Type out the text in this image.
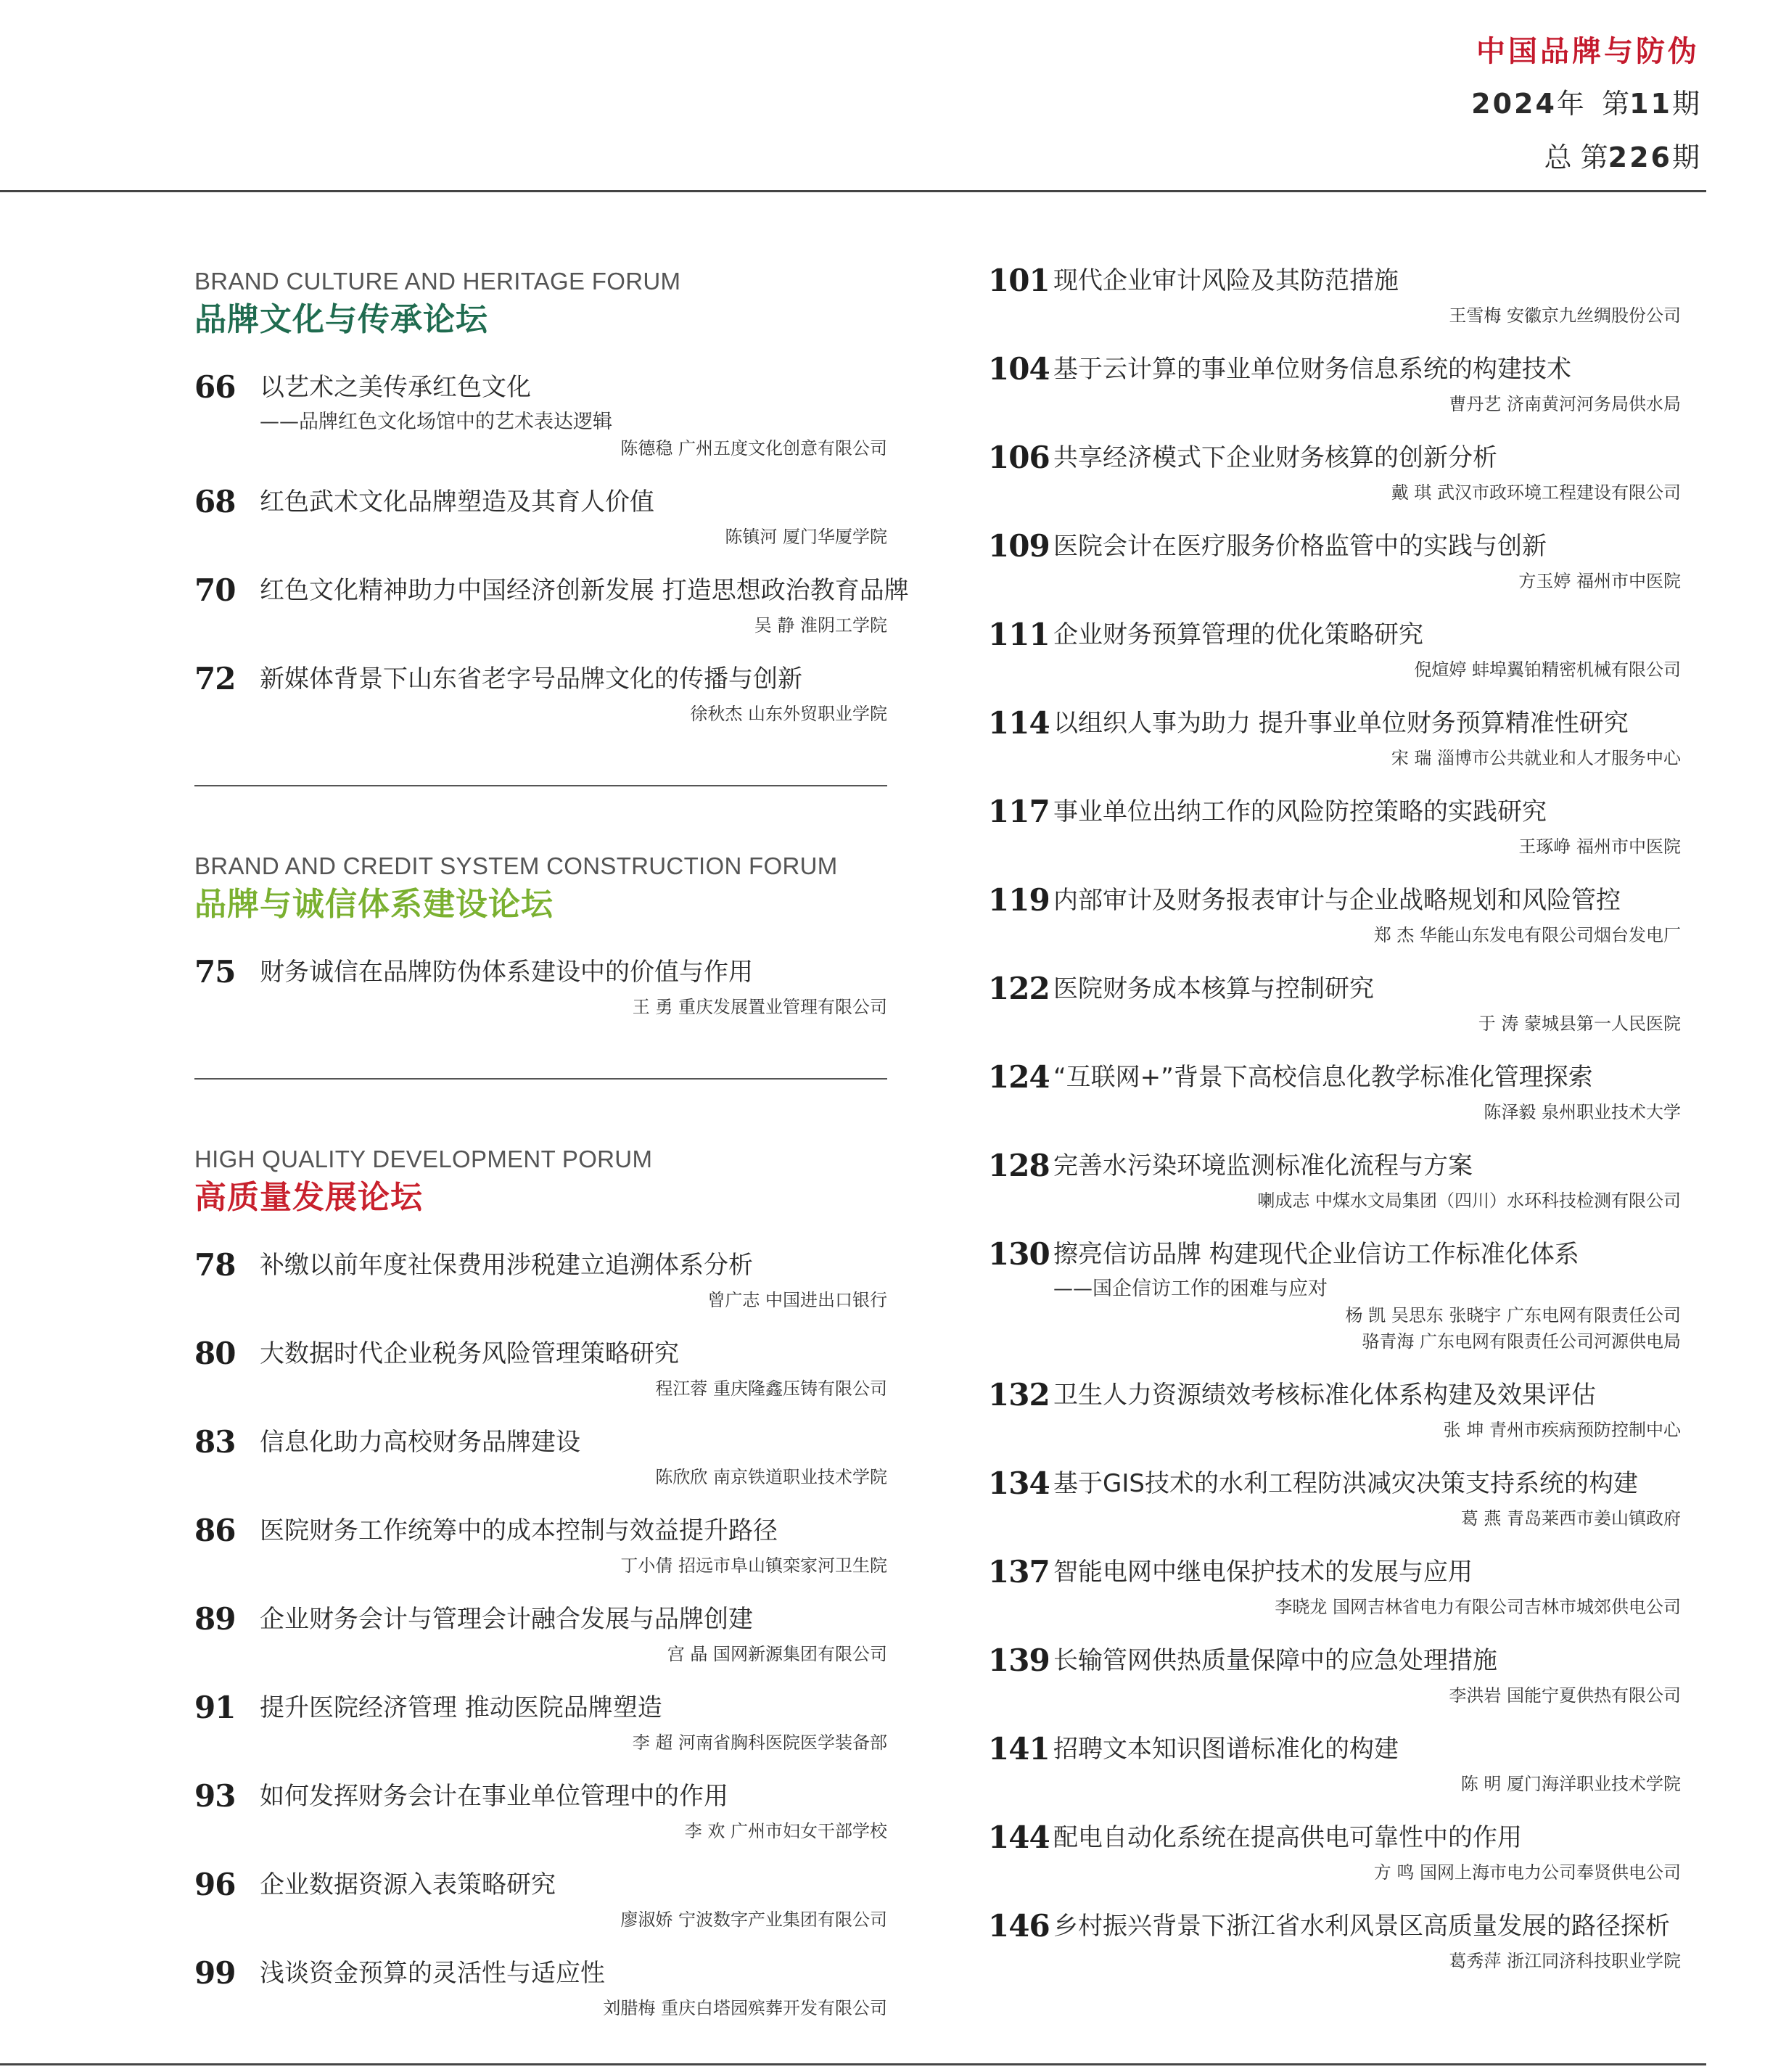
中国品牌与防伪
2024年 第11期
总 第226期
BRAND CULTURE AND HERITAGE FORUM
品牌文化与传承论坛
66 以艺术之美传承红色文化
——品牌红色文化场馆中的艺术表达逻辑
陈德稳 广州五度文化创意有限公司
68 红色武术文化品牌塑造及其育人价值
陈镇河 厦门华厦学院
70 红色文化精神助力中国经济创新发展 打造思想政治教育品牌
吴 静 淮阴工学院
72 新媒体背景下山东省老字号品牌文化的传播与创新
徐秋杰 山东外贸职业学院
BRAND AND CREDIT SYSTEM CONSTRUCTION FORUM
品牌与诚信体系建设论坛
75 财务诚信在品牌防伪体系建设中的价值与作用
王 勇 重庆发展置业管理有限公司
HIGH QUALITY DEVELOPMENT PORUM
高质量发展论坛
78 补缴以前年度社保费用涉税建立追溯体系分析
曾广志 中国进出口银行
80 大数据时代企业税务风险管理策略研究
程江蓉 重庆隆鑫压铸有限公司
83 信息化助力高校财务品牌建设
陈欣欣 南京铁道职业技术学院
86 医院财务工作统筹中的成本控制与效益提升路径
丁小倩 招远市阜山镇栾家河卫生院
89 企业财务会计与管理会计融合发展与品牌创建
宫 晶 国网新源集团有限公司
91 提升医院经济管理 推动医院品牌塑造
李 超 河南省胸科医院医学装备部
93 如何发挥财务会计在事业单位管理中的作用
李 欢 广州市妇女干部学校
96 企业数据资源入表策略研究
廖淑娇 宁波数字产业集团有限公司
99 浅谈资金预算的灵活性与适应性
刘腊梅 重庆白塔园殡葬开发有限公司
101 现代企业审计风险及其防范措施
王雪梅 安徽京九丝绸股份公司
104 基于云计算的事业单位财务信息系统的构建技术
曹丹艺 济南黄河河务局供水局
106 共享经济模式下企业财务核算的创新分析
戴 琪 武汉市政环境工程建设有限公司
109 医院会计在医疗服务价格监管中的实践与创新
方玉婷 福州市中医院
111 企业财务预算管理的优化策略研究
倪煊婷 蚌埠翼铂精密机械有限公司
114 以组织人事为助力 提升事业单位财务预算精准性研究
宋 瑞 淄博市公共就业和人才服务中心
117 事业单位出纳工作的风险防控策略的实践研究
王琢峥 福州市中医院
119 内部审计及财务报表审计与企业战略规划和风险管控
郑 杰 华能山东发电有限公司烟台发电厂
122 医院财务成本核算与控制研究
于 涛 蒙城县第一人民医院
124 “互联网+”背景下高校信息化教学标准化管理探索
陈泽毅 泉州职业技术大学
128 完善水污染环境监测标准化流程与方案
喇成志 中煤水文局集团（四川）水环科技检测有限公司
130 擦亮信访品牌 构建现代企业信访工作标准化体系
——国企信访工作的困难与应对
杨 凯 吴思东 张晓宇 广东电网有限责任公司
骆青海 广东电网有限责任公司河源供电局
132 卫生人力资源绩效考核标准化体系构建及效果评估
张 坤 青州市疾病预防控制中心
134 基于GIS技术的水利工程防洪减灾决策支持系统的构建
葛 燕 青岛莱西市姜山镇政府
137 智能电网中继电保护技术的发展与应用
李晓龙 国网吉林省电力有限公司吉林市城郊供电公司
139 长输管网供热质量保障中的应急处理措施
李洪岩 国能宁夏供热有限公司
141 招聘文本知识图谱标准化的构建
陈 明 厦门海洋职业技术学院
144 配电自动化系统在提高供电可靠性中的作用
方 鸣 国网上海市电力公司奉贤供电公司
146 乡村振兴背景下浙江省水利风景区高质量发展的路径探析
葛秀萍 浙江同济科技职业学院
